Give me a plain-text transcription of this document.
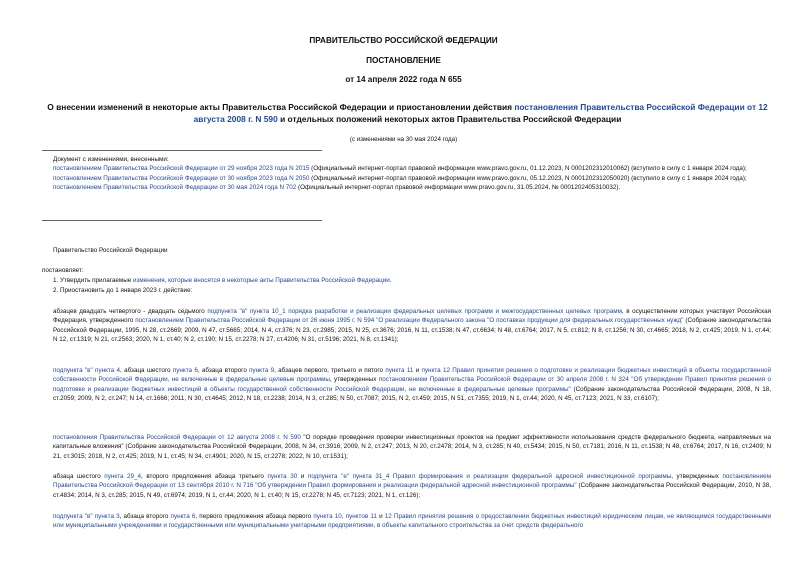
ПРАВИТЕЛЬСТВО РОССИЙСКОЙ ФЕДЕРАЦИИ
ПОСТАНОВЛЕНИЕ
от 14 апреля 2022 года N 655
О внесении изменений в некоторые акты Правительства Российской Федерации и приостановлении действия постановления Правительства Российской Федерации от 12 августа 2008 г. N 590 и отдельных положений некоторых актов Правительства Российской Федерации
(с изменениями на 30 мая 2024 года)

Документ с изменениями, внесенными:

постановлением Правительства Российской Федерации от 29 ноября 2023 года N 2015 (Официальный интернет-портал правовой информации www.pravo.gov.ru, 01.12.2023, N 0001202312010062) (вступило в силу с 1 января 2024 года);

постановлением Правительства Российской Федерации от 30 ноября 2023 года N 2050 (Официальный интернет-портал правовой информации www.pravo.gov.ru, 05.12.2023, N 0001202312050020) (вступило в силу с 1 января 2024 года);

постановлением Правительства Российской Федерации от 30 мая 2024 года N 702 (Официальный интернет-портал правовой информации www.pravo.gov.ru, 31.05.2024, № 0001202405310032).

Правительство Российской Федерации
постановляет:
1. Утвердить прилагаемые изменения, которые вносятся в некоторые акты Правительства Российской Федерации.
2. Приостановить до 1 января 2023 г. действие:
абзацев двадцать четвертого - двадцать седьмого подпункта "в" пункта 10_1 порядка разработки и реализации федеральных целевых программ и межгосударственных целевых программ, в осуществлении которых участвует Российская Федерация, утвержденного постановлением Правительства Российской Федерации от 26 июня 1995 г. N 594 "О реализации Федерального закона "О поставках продукции для федеральных государственных нужд" (Собрание законодательства Российской Федерации, 1995, N 28, ст.2669; 2009, N 47, ст.5665; 2014, N 4, ст.376; N 23, ст.2985; 2015, N 25, ст.3676; 2016, N 11, ст.1538; N 47, ст.6634; N 48, ст.6764; 2017, N 5, ст.812; N 8, ст.1256; N 30, ст.4665; 2018, N 2, ст.425; 2019, N 1, ст.44; N 12, ст.1319; N 21, ст.2563; 2020, N 1, ст.40; N 2, ст.190; N 15, ст.2278; N 27, ст.4206; N 31, ст.5196; 2021, N 8, ст.1341);
подпункта "в" пункта 4, абзаца шестого пункта 6, абзаца второго пункта 9, абзацев первого, третьего и пятого пункта 11 и пункта 12 Правил принятия решения о подготовке и реализации бюджетных инвестиций в объекты государственной собственности Российской Федерации, не включенные в федеральные целевые программы, утвержденных постановлением Правительства Российской Федерации от 30 апреля 2008 г. N 324 "Об утверждении Правил принятия решения о подготовке и реализации бюджетных инвестиций в объекты государственной собственности Российской Федерации, не включенные в федеральные целевые программы" (Собрание законодательства Российской Федерации, 2008, N 18, ст.2059; 2009, N 2, ст.247; N 14, ст.1666; 2011, N 30, ст.4645; 2012, N 18, ст.2238; 2014, N 3, ст.285; N 50, ст.7087; 2015, N 2, ст.459; 2015, N 51, ст.7355; 2019, N 1, ст.44; 2020, N 45, ст.7123; 2021, N 33, ст.6107);
постановления Правительства Российской Федерации от 12 августа 2008 г. N 590 "О порядке проведения проверки инвестиционных проектов на предмет эффективности использования средств федерального бюджета, направляемых на капитальные вложения" (Собрание законодательства Российской Федерации, 2008, N 34, ст.3916; 2009, N 2, ст.247; 2013, N 20, ст.2478; 2014, N 3, ст.285; N 40, ст.5434; 2015, N 50, ст.7181; 2016, N 11, ст.1538; N 48, ст.6764; 2017, N 16, ст.2409; N 21, ст.3015; 2018, N 2, ст.425; 2019, N 1, ст.45; N 34, ст.4901; 2020, N 15, ст.2278; 2022, N 10, ст.1531);
абзаца шестого пункта 29_4, второго предложения абзаца третьего пункта 30 и подпункта "е" пункта 31_4 Правил формирования и реализации федеральной адресной инвестиционной программы, утвержденных постановлением Правительства Российской Федерации от 13 сентября 2010 г. N 716 "Об утверждении Правил формирования и реализации федеральной адресной инвестиционной программы" (Собрание законодательства Российской Федерации, 2010, N 38, ст.4834; 2014, N 3, ст.285; 2015, N 49, ст.6974; 2019, N 1, ст.44; 2020, N 1, ст.40; N 15, ст.2278; N 45, ст.7123; 2021, N 1, ст.126);
подпункта "в" пункта 3, абзаца второго пункта 6, первого предложения абзаца первого пункта 10, пунктов 11 и 12 Правил принятия решения о предоставлении бюджетных инвестиций юридическим лицам, не являющимся государственными или муниципальными учреждениями и государственными или муниципальными унитарными предприятиями, в объекты капитального строительства за счет средств федерального
